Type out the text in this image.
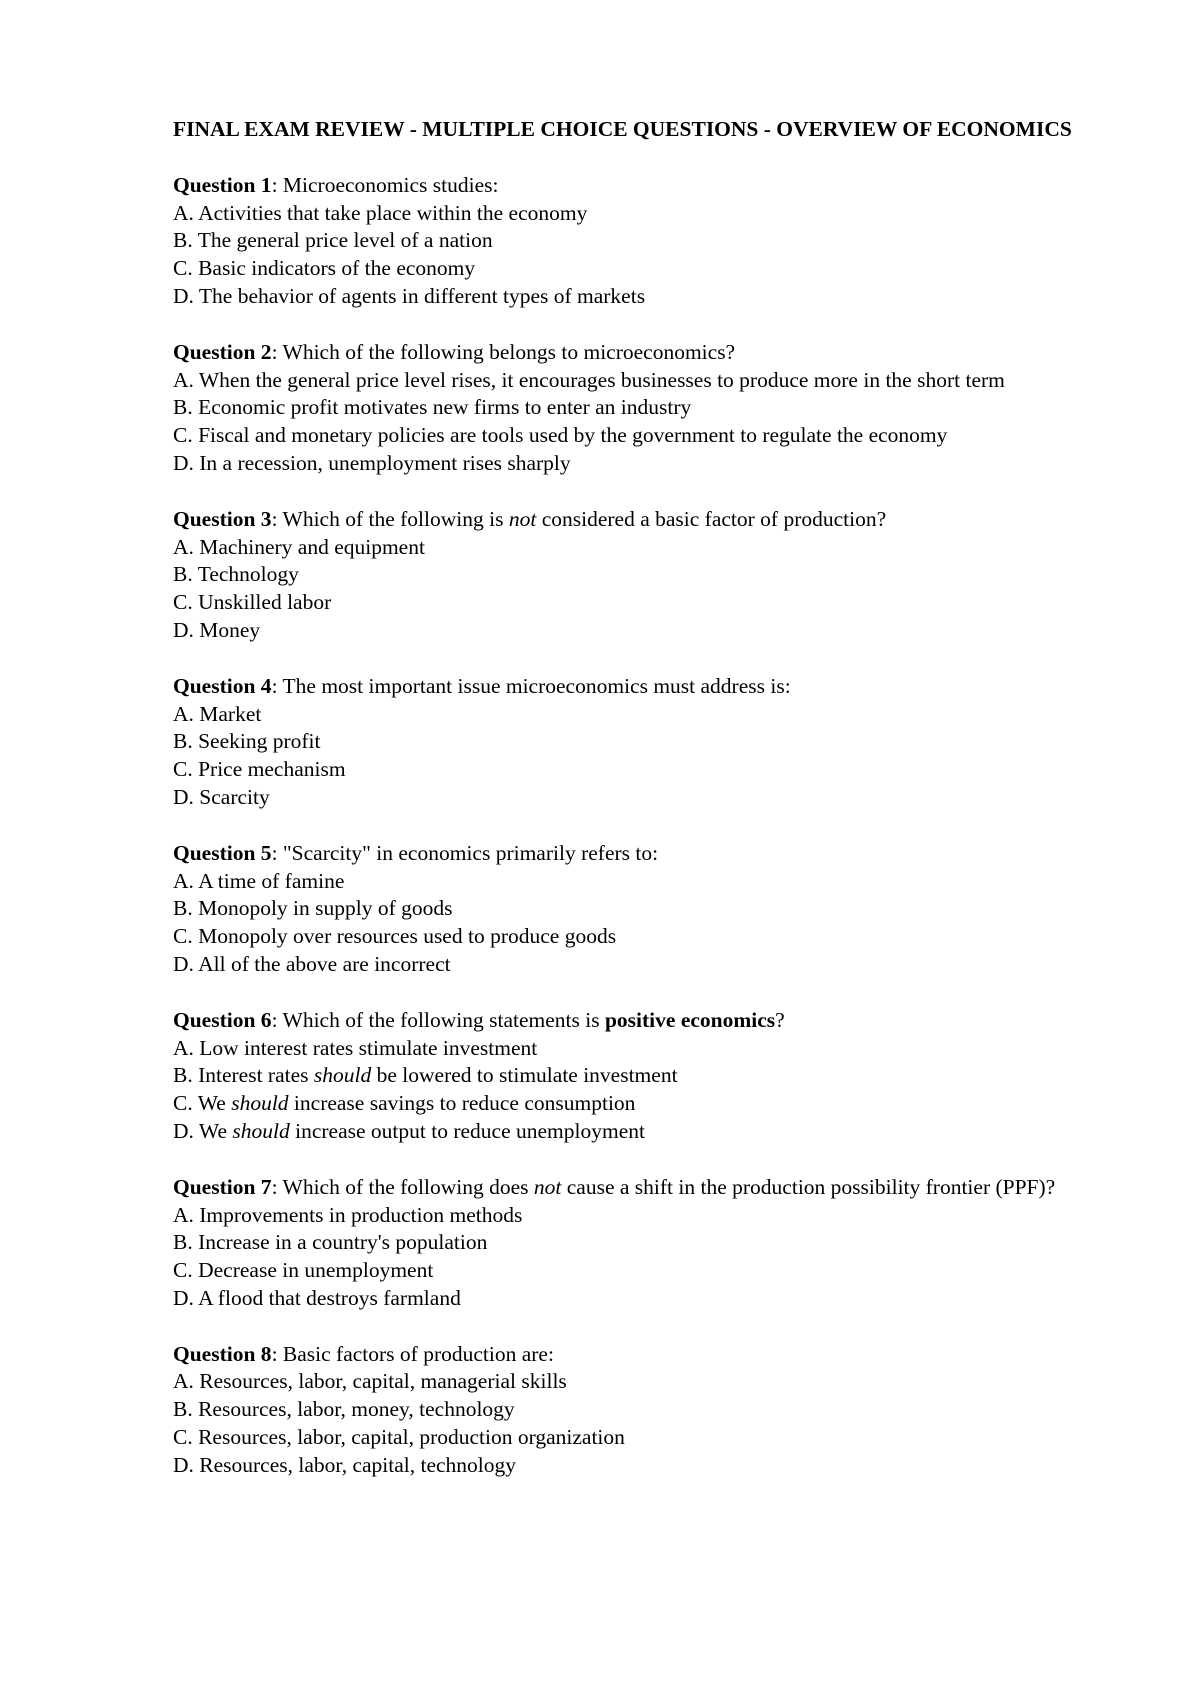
FINAL EXAM REVIEW - MULTIPLE CHOICE QUESTIONS - OVERVIEW OF ECONOMICS
Question 1: Microeconomics studies:
A. Activities that take place within the economy
B. The general price level of a nation
C. Basic indicators of the economy
D. The behavior of agents in different types of markets
Question 2: Which of the following belongs to microeconomics?
A. When the general price level rises, it encourages businesses to produce more in the short term
B. Economic profit motivates new firms to enter an industry
C. Fiscal and monetary policies are tools used by the government to regulate the economy
D. In a recession, unemployment rises sharply
Question 3: Which of the following is not considered a basic factor of production?
A. Machinery and equipment
B. Technology
C. Unskilled labor
D. Money
Question 4: The most important issue microeconomics must address is:
A. Market
B. Seeking profit
C. Price mechanism
D. Scarcity
Question 5: "Scarcity" in economics primarily refers to:
A. A time of famine
B. Monopoly in supply of goods
C. Monopoly over resources used to produce goods
D. All of the above are incorrect
Question 6: Which of the following statements is positive economics?
A. Low interest rates stimulate investment
B. Interest rates should be lowered to stimulate investment
C. We should increase savings to reduce consumption
D. We should increase output to reduce unemployment
Question 7: Which of the following does not cause a shift in the production possibility frontier (PPF)?
A. Improvements in production methods
B. Increase in a country's population
C. Decrease in unemployment
D. A flood that destroys farmland
Question 8: Basic factors of production are:
A. Resources, labor, capital, managerial skills
B. Resources, labor, money, technology
C. Resources, labor, capital, production organization
D. Resources, labor, capital, technology
